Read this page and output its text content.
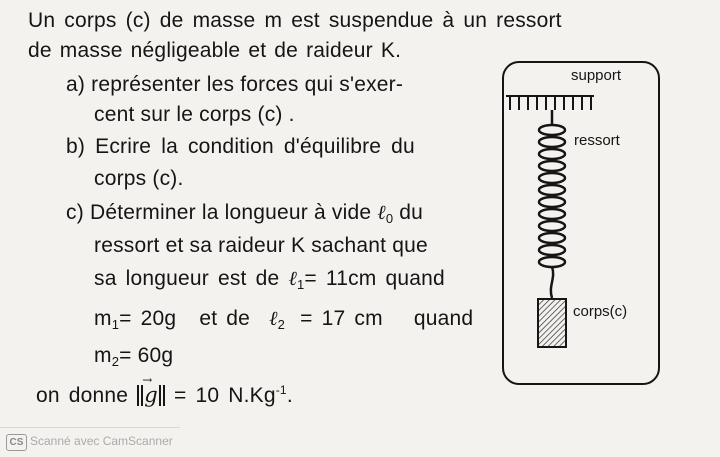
Un corps (c) de masse m est suspendue à un ressort
de masse négligeable et de raideur K.
a) représenter les forces qui s'exer-
cent sur le corps (c) .
b) Ecrire la condition d'équilibre du
corps (c).
c) Déterminer la longueur à vide ℓ$_0$ du
ressort et sa raideur K sachant que
sa longueur est de ℓ$_1$= 11cm quand
$m_1= 20g$ et de ℓ$_2$ = 17 cm quand
$m_2= 60g$
on donne g → = 10 $N.Kg^{-1}$.
support
ressort
corps(c)
CS Scanné avec CamScanner
